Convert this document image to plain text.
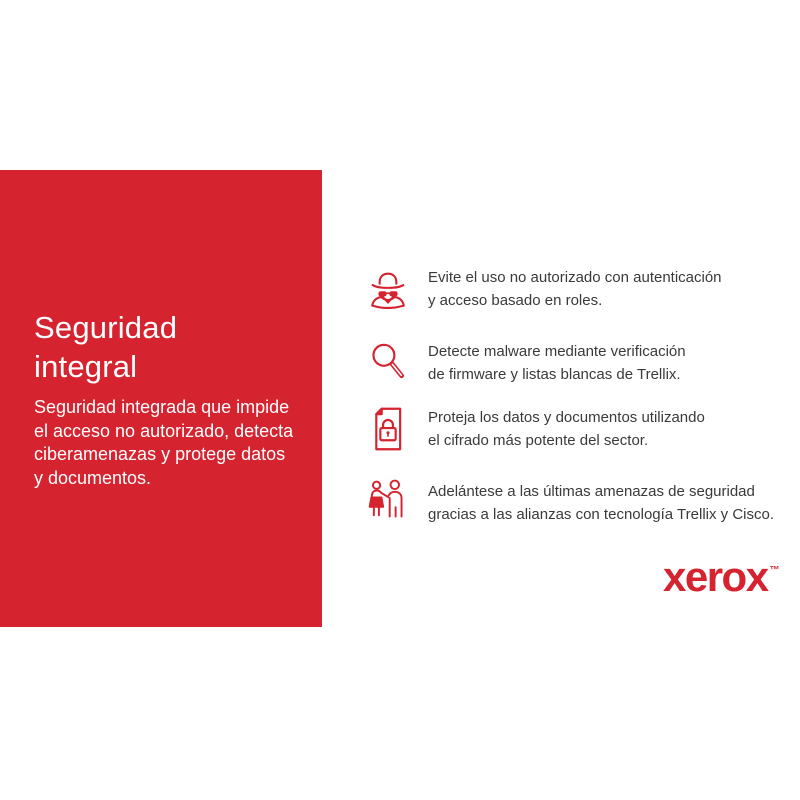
Seguridad
integral

Seguridad integrada que impide
el acceso no autorizado, detecta
ciberamenazas y protege datos
y documentos.

Evite el uso no autorizado con autenticación
y acceso basado en roles.
Detecte malware mediante verificación
de firmware y listas blancas de Trellix.
Proteja los datos y documentos utilizando
el cifrado más potente del sector.
Adelántese a las últimas amenazas de seguridad
gracias a las alianzas con tecnología Trellix y Cisco.
xerox ™
